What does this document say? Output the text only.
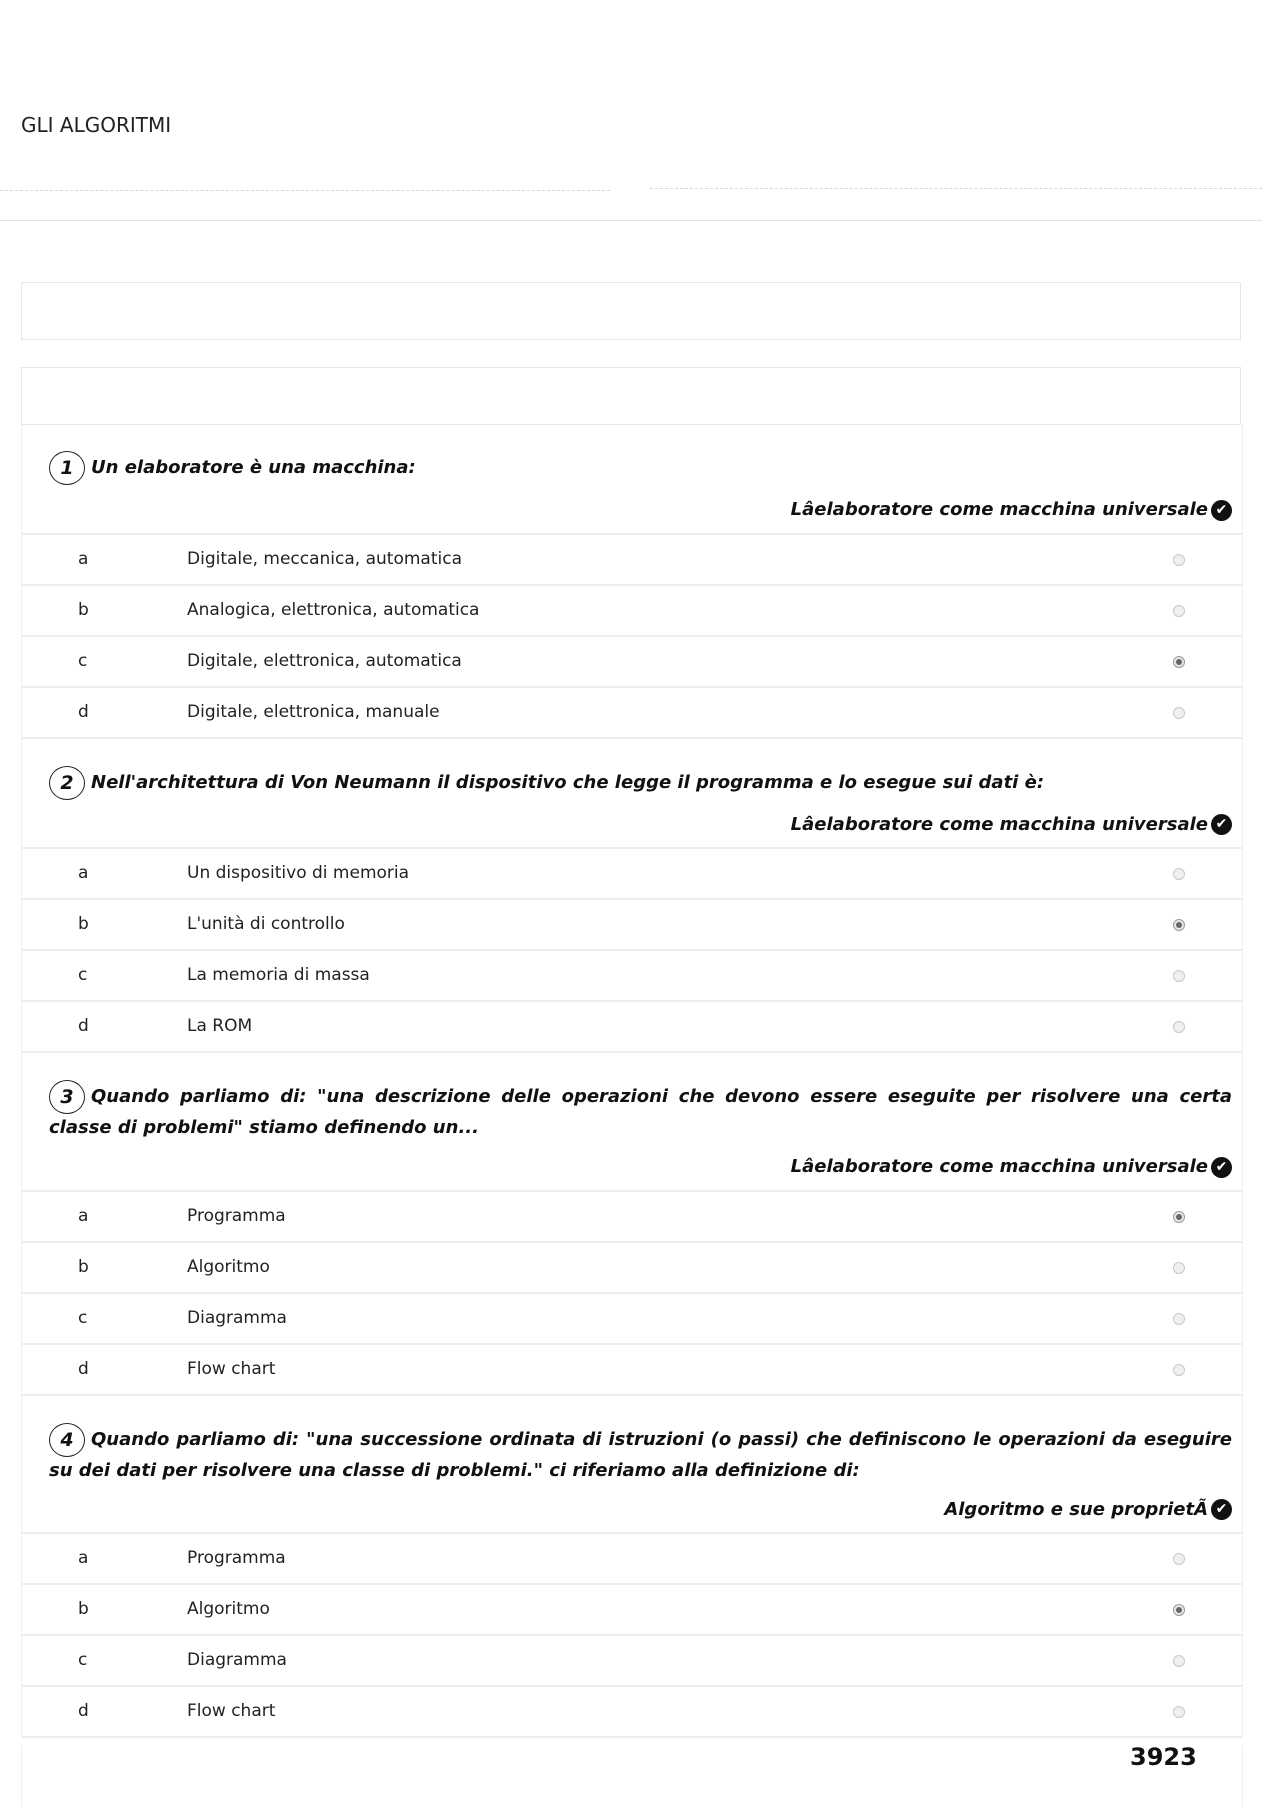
GLI ALGORITMI
1 Un elaboratore è una macchina:
Lâelaboratore come macchina universale ✔
a	Digitale, meccanica, automatica
b	Analogica, elettronica, automatica
c	Digitale, elettronica, automatica
d	Digitale, elettronica, manuale
2 Nell'architettura di Von Neumann il dispositivo che legge il programma e lo esegue sui dati è:
Lâelaboratore come macchina universale ✔
a	Un dispositivo di memoria
b	L'unità di controllo
c	La memoria di massa
d	La ROM
3 Quando parliamo di: "una descrizione delle operazioni che devono essere eseguite per risolvere una certa classe di problemi" stiamo definendo un...
Lâelaboratore come macchina universale ✔
a	Programma
b	Algoritmo
c	Diagramma
d	Flow chart
4 Quando parliamo di: "una successione ordinata di istruzioni (o passi) che definiscono le operazioni da eseguire su dei dati per risolvere una classe di problemi." ci riferiamo alla definizione di:
Algoritmo e sue proprietÃ ✔
a	Programma
b	Algoritmo
c	Diagramma
d	Flow chart
3923
